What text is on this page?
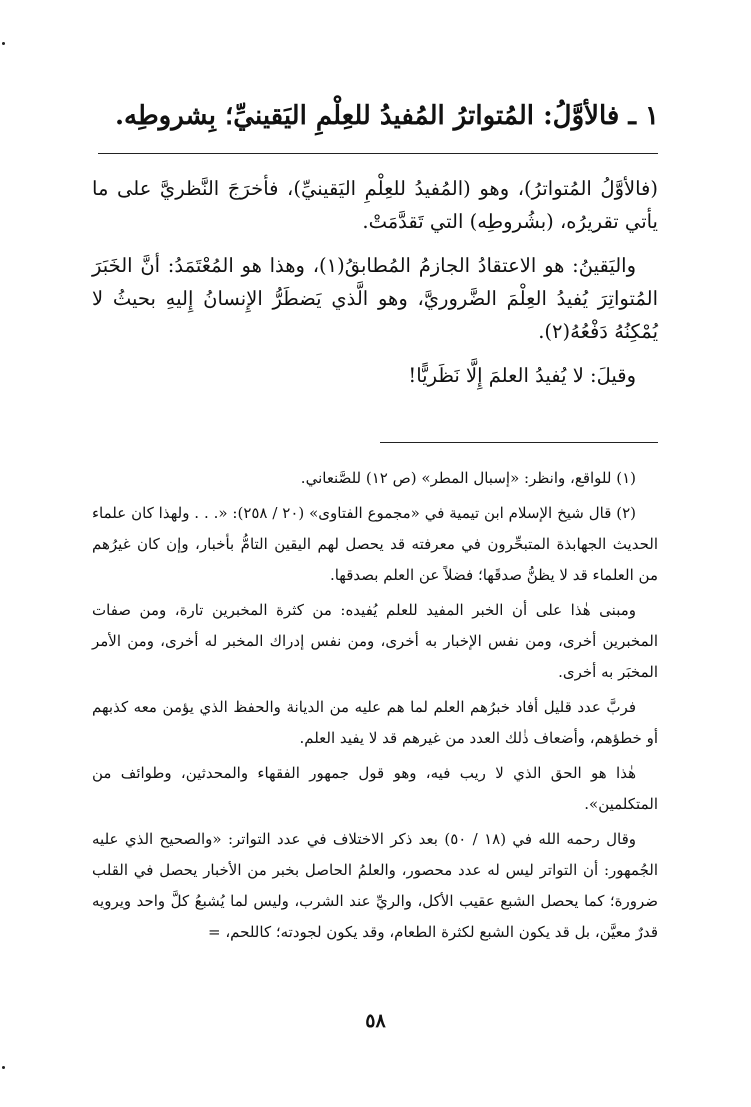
١ ـ فالأوَّلُ: المُتواترُ المُفيدُ للعِلْمِ اليَقينيِّ؛ بِشروطِه.

(فالأوَّلُ المُتواترُ)، وهو (المُفيدُ للعِلْمِ اليَقينيِّ)، فأخرَجَ النَّظريَّ على ما يأتي تقريرُه، (بشُروطِه) التي تَقدَّمَتْ.

واليَقينُ: هو الاعتقادُ الجازمُ المُطابقُ(١)، وهذا هو المُعْتَمَدُ: أنَّ الخَبَرَ المُتواتِرَ يُفيدُ العِلْمَ الضَّروريَّ، وهو الَّذي يَضطَرُّ الإِنسانُ إِليهِ بحيثُ لا يُمْكِنُهُ دَفْعُهُ(٢).

وقيلَ: لا يُفيدُ العلمَ إِلَّا نَظَريًّا!

(١) للواقع، وانظر: «إسبال المطر» (ص ١٢) للصَّنعاني.

(٢) قال شيخ الإسلام ابن تيمية في «مجموع الفتاوى» (٢٠ / ٢٥٨): «. . . ولهذا كان علماء الحديث الجهابذة المتبحِّرون في معرفته قد يحصل لهم اليقين التامُّ بأخبار، وإن كان غيرُهم من العلماء قد لا يظنُّ صدقَها؛ فضلاً عن العلم بصدقها.

ومبنى هٰذا على أن الخبر المفيد للعلم يُفيده: من كثرة المخبرين تارة، ومن صفات المخبرين أخرى، ومن نفس الإخبار به أخرى، ومن نفس إدراك المخبر له أخرى، ومن الأمر المخبَر به أخرى.

فربَّ عدد قليل أفاد خبرُهم العلم لما هم عليه من الديانة والحفظ الذي يؤمن معه كذبهم أو خطؤهم، وأضعاف ذٰلك العدد من غيرهم قد لا يفيد العلم.

هٰذا هو الحق الذي لا ريب فيه، وهو قول جمهور الفقهاء والمحدثين، وطوائف من المتكلمين».

وقال رحمه الله في (١٨ / ٥٠) بعد ذكر الاختلاف في عدد التواتر: «والصحيح الذي عليه الجُمهور: أن التواتر ليس له عدد محصور، والعلمُ الحاصل بخبر من الأخبار يحصل في القلب ضرورة؛ كما يحصل الشبع عقيب الأكل، والريِّ عند الشرب، وليس لما يُشبعُ كلَّ واحد ويرويه قدرٌ معيَّن، بل قد يكون الشبع لكثرة الطعام، وقد يكون لجودته؛ كاللحم، =

٥٨
